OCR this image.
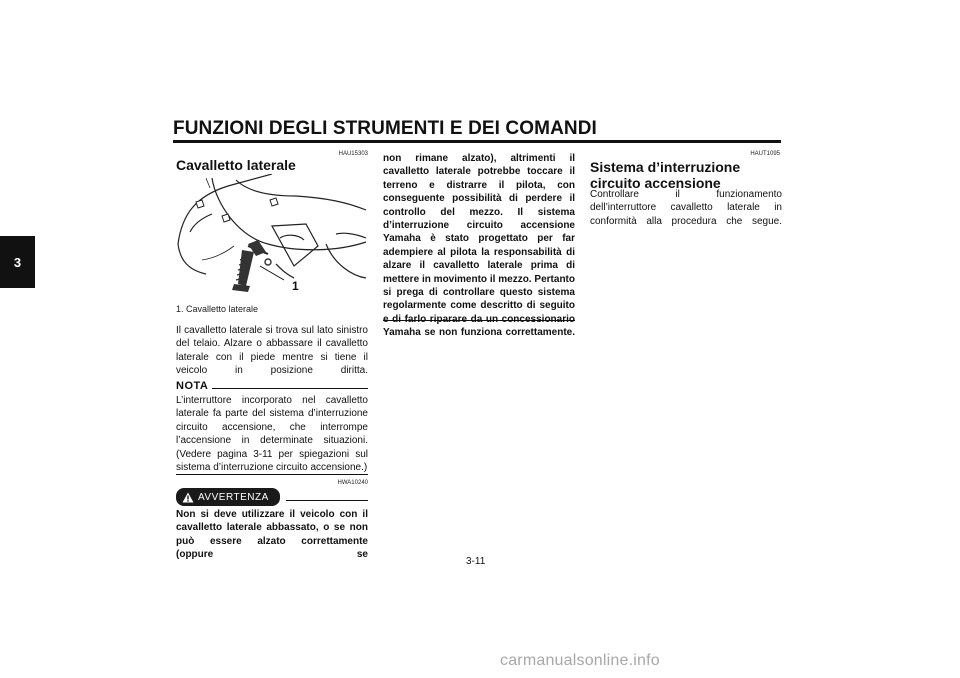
FUNZIONI DEGLI STRUMENTI E DEI COMANDI
3
HAU15303
Cavalletto laterale
1
1. Cavalletto laterale
Il cavalletto laterale si trova sul lato sinistro del telaio. Alzare o abbassare il cavalletto laterale con il piede mentre si tiene il veicolo in posizione diritta.
NOTA
L’interruttore incorporato nel cavalletto laterale fa parte del sistema d’interruzione circuito accensione, che interrompe l’accensione in determinate situazioni. (Vedere pagina 3-11 per spiegazioni sul sistema d’interruzione circuito accensione.)
HWA10240
AVVERTENZA
Non si deve utilizzare il veicolo con il cavalletto laterale abbassato, o se non può essere alzato correttamente (oppure se
non rimane alzato), altrimenti il cavalletto laterale potrebbe toccare il terreno e distrarre il pilota, con conseguente possibilità di perdere il controllo del mezzo. Il sistema d’interruzione circuito accensione Yamaha è stato progettato per far adempiere al pilota la responsabilità di alzare il cavalletto laterale prima di mettere in movimento il mezzo. Pertanto si prega di controllare questo sistema regolarmente come descritto di seguito Yamaha se non funziona correttamente.
HAUT1095
Sistema d’interruzione circuito accensione
Controllare il funzionamento dell’interruttore cavalletto laterale in conformità alla procedura che segue.
3-11
carmanualsonline.info
